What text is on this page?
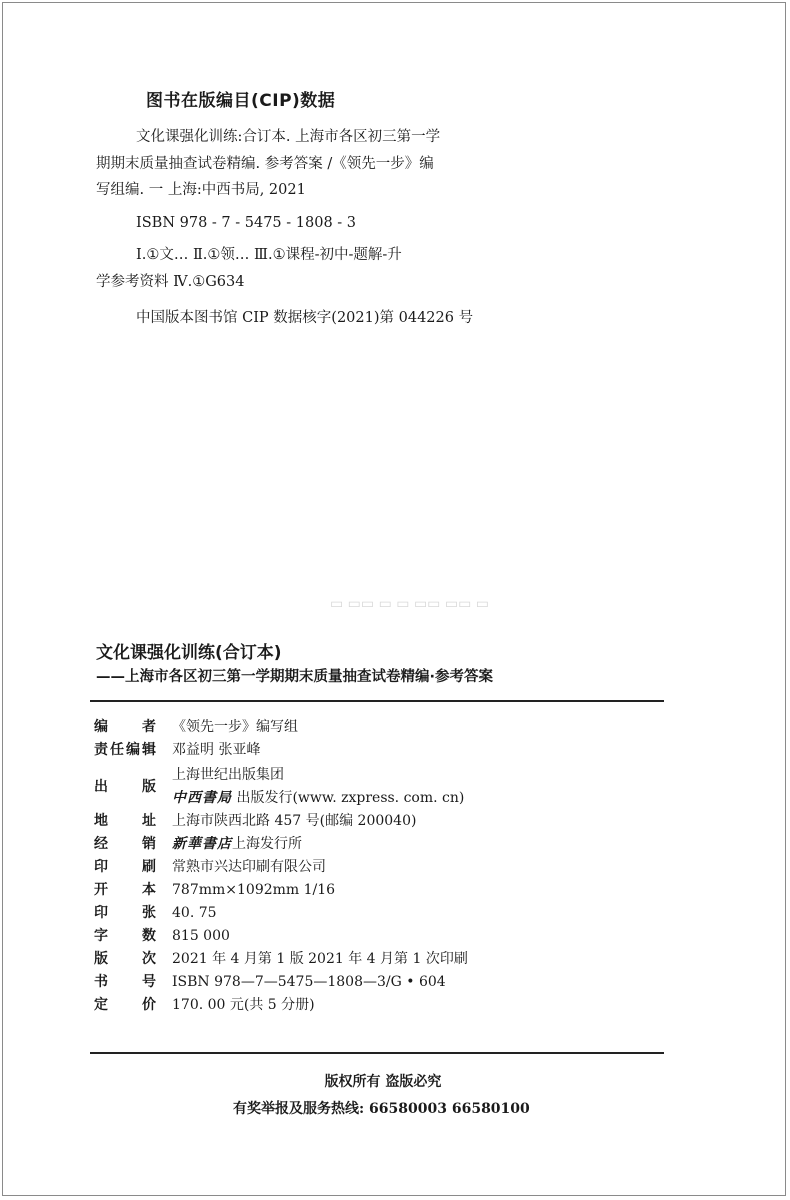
图书在版编目(CIP)数据
文化课强化训练:合订本. 上海市各区初三第一学
期期末质量抽查试卷精编. 参考答案 /《领先一步》编
写组编. 一 上海:中西书局, 2021
ISBN 978 - 7 - 5475 - 1808 - 3
Ⅰ.①文… Ⅱ.①领… Ⅲ.①课程-初中-题解-升
学参考资料 Ⅳ.①G634
中国版本图书馆 CIP 数据核字(2021)第 044226 号
▭ ▭▭ ▭ ▭ ▭▭ ▭▭ ▭
文化课强化训练(合订本)
——上海市各区初三第一学期期末质量抽查试卷精编·参考答案
编 者 《领先一步》编写组
责 任 编 辑 邓益明 张亚峰
出 版
上海世纪出版集团
中西書局 出版发行(www. zxpress. com. cn)
地 址 上海市陕西北路 457 号(邮编 200040)
经 销 新華書店上海发行所
印 刷 常熟市兴达印刷有限公司
开 本 787mm×1092mm 1/16
印 张 40. 75
字 数 815 000
版 次 2021 年 4 月第 1 版 2021 年 4 月第 1 次印刷
书 号 ISBN 978—7—5475—1808—3/G • 604
定 价 170. 00 元(共 5 分册)
版权所有 盗版必究
有奖举报及服务热线: 66580003 66580100
